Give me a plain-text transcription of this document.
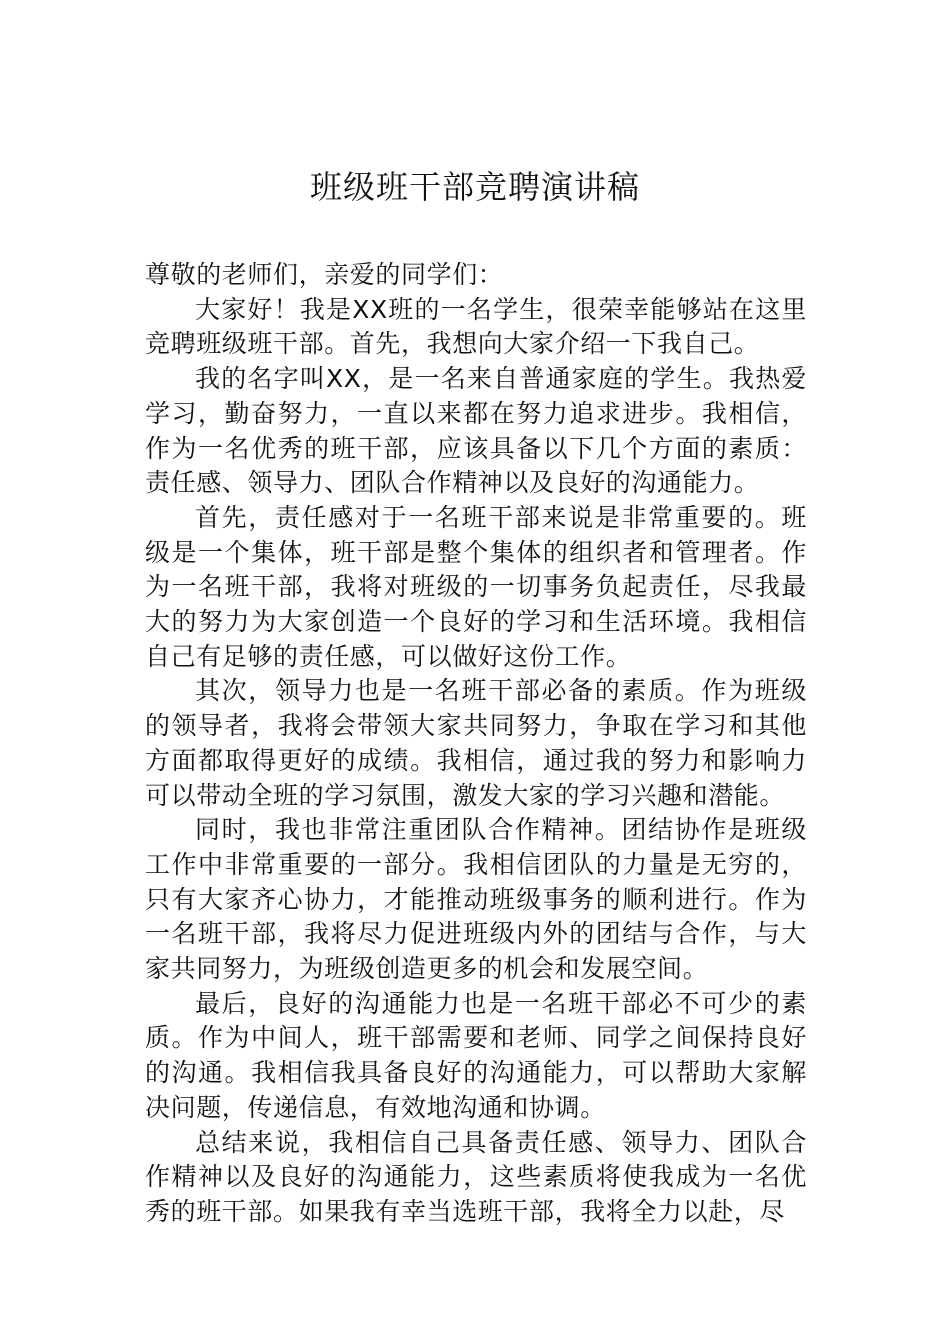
班级班干部竞聘演讲稿

尊敬的老师们，亲爱的同学们：

大家好！我是XX班的一名学生，很荣幸能够站在这里竞聘班级班干部。首先，我想向大家介绍一下我自己。

我的名字叫XX，是一名来自普通家庭的学生。我热爱学习，勤奋努力，一直以来都在努力追求进步。我相信，作为一名优秀的班干部，应该具备以下几个方面的素质：责任感、领导力、团队合作精神以及良好的沟通能力。

首先，责任感对于一名班干部来说是非常重要的。班级是一个集体，班干部是整个集体的组织者和管理者。作为一名班干部，我将对班级的一切事务负起责任，尽我最大的努力为大家创造一个良好的学习和生活环境。我相信自己有足够的责任感，可以做好这份工作。

其次，领导力也是一名班干部必备的素质。作为班级的领导者，我将会带领大家共同努力，争取在学习和其他方面都取得更好的成绩。我相信，通过我的努力和影响力可以带动全班的学习氛围，激发大家的学习兴趣和潜能。

同时，我也非常注重团队合作精神。团结协作是班级工作中非常重要的一部分。我相信团队的力量是无穷的，只有大家齐心协力，才能推动班级事务的顺利进行。作为一名班干部，我将尽力促进班级内外的团结与合作，与大家共同努力，为班级创造更多的机会和发展空间。

最后，良好的沟通能力也是一名班干部必不可少的素质。作为中间人，班干部需要和老师、同学之间保持良好的沟通。我相信我具备良好的沟通能力，可以帮助大家解决问题，传递信息，有效地沟通和协调。

总结来说，我相信自己具备责任感、领导力、团队合作精神以及良好的沟通能力，这些素质将使我成为一名优秀的班干部。如果我有幸当选班干部，我将全力以赴，尽
